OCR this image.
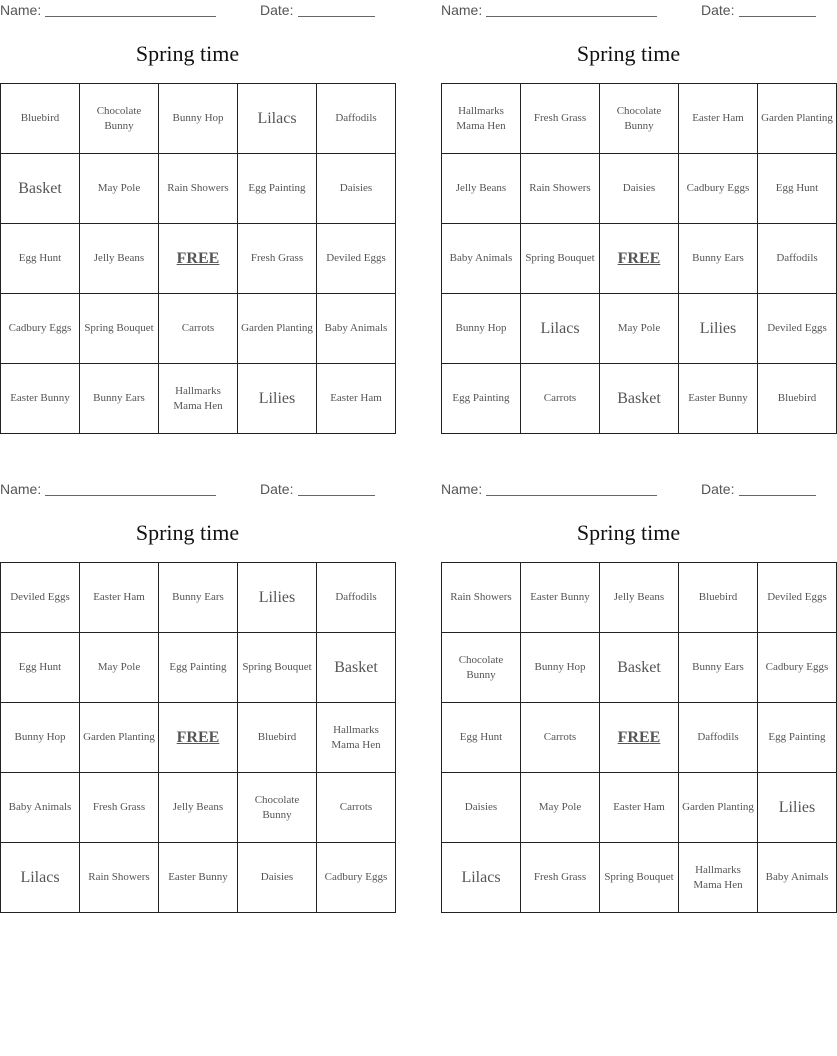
Name:	Date:
Spring time
Bluebird	Chocolate Bunny	Bunny Hop	Lilacs	Daffodils
Basket	May Pole	Rain Showers	Egg Painting	Daisies
Egg Hunt	Jelly Beans	FREE	Fresh Grass	Deviled Eggs
Cadbury Eggs	Spring Bouquet	Carrots	Garden Planting	Baby Animals
Easter Bunny	Bunny Ears	Hallmarks Mama Hen	Lilies	Easter Ham
Name:	Date:
Spring time
Hallmarks Mama Hen	Fresh Grass	Chocolate Bunny	Easter Ham	Garden Planting
Jelly Beans	Rain Showers	Daisies	Cadbury Eggs	Egg Hunt
Baby Animals	Spring Bouquet	FREE	Bunny Ears	Daffodils
Bunny Hop	Lilacs	May Pole	Lilies	Deviled Eggs
Egg Painting	Carrots	Basket	Easter Bunny	Bluebird
Name:	Date:
Spring time
Deviled Eggs	Easter Ham	Bunny Ears	Lilies	Daffodils
Egg Hunt	May Pole	Egg Painting	Spring Bouquet	Basket
Bunny Hop	Garden Planting	FREE	Bluebird	Hallmarks Mama Hen
Baby Animals	Fresh Grass	Jelly Beans	Chocolate Bunny	Carrots
Lilacs	Rain Showers	Easter Bunny	Daisies	Cadbury Eggs
Name:	Date:
Spring time
Rain Showers	Easter Bunny	Jelly Beans	Bluebird	Deviled Eggs
Chocolate Bunny	Bunny Hop	Basket	Bunny Ears	Cadbury Eggs
Egg Hunt	Carrots	FREE	Daffodils	Egg Painting
Daisies	May Pole	Easter Ham	Garden Planting	Lilies
Lilacs	Fresh Grass	Spring Bouquet	Hallmarks Mama Hen	Baby Animals
